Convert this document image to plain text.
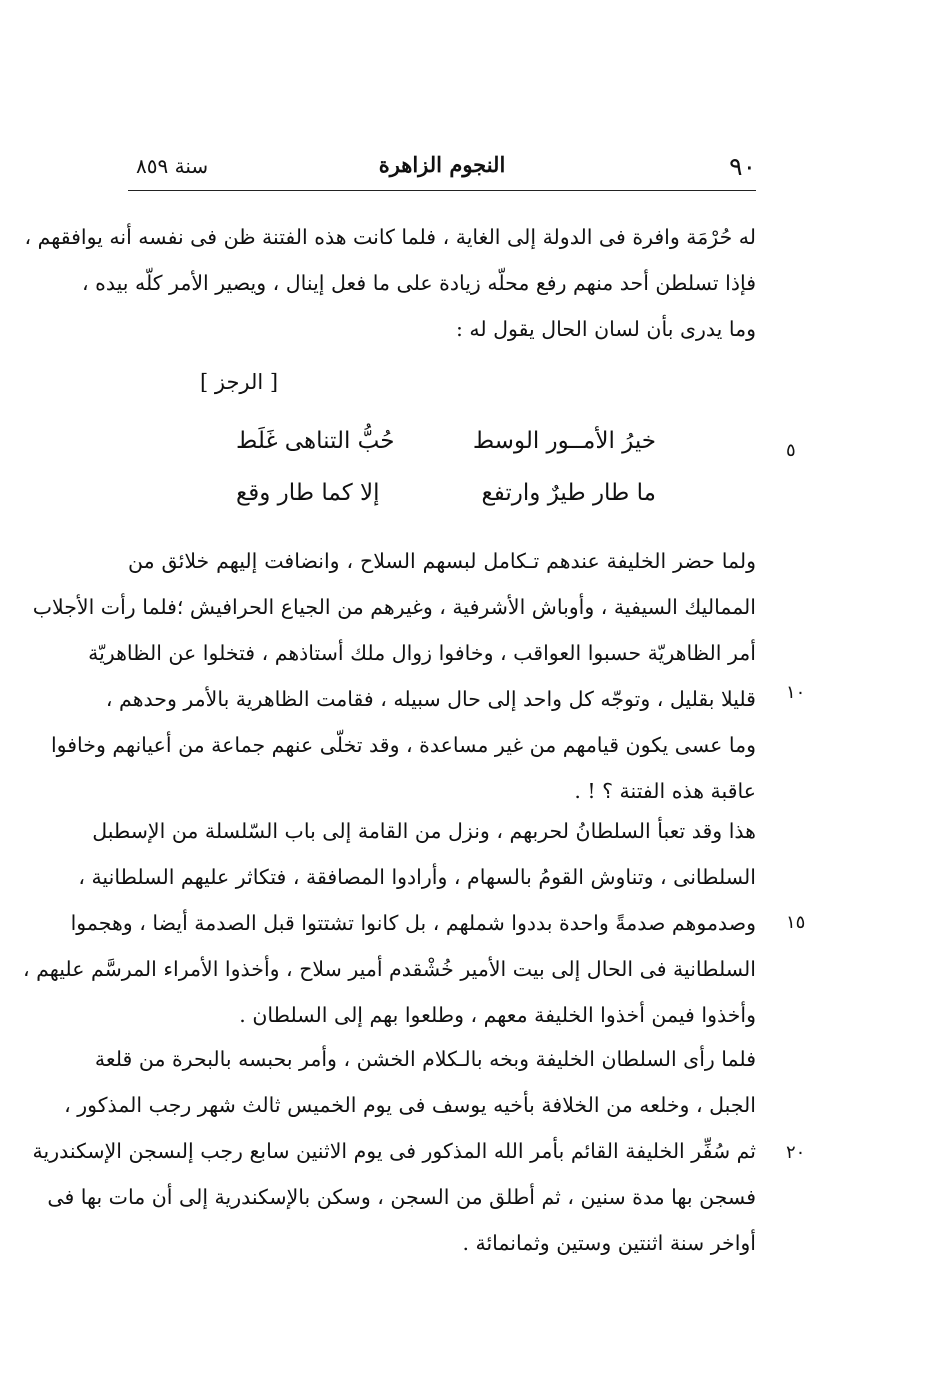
٩٠
النجوم الزاهرة
سنة ٨٥٩
له حُرْمَة وافرة فى الدولة إلى الغاية ، فلما كانت هذه الفتنة ظن فى نفسه أنه يوافقهم ،
فإذا تسلطن أحد منهم رفع محلّه زيادة على ما فعل إينال ، ويصير الأمر كلّه بيده ،
وما يدرى بأن لسان الحال يقول له :
[ الرجز ]
خيرُ الأمــور الوسط
حُبُّ التناهى غَلَط
ما طار طيرٌ وارتفع
إلا كما طار وقع
ولما حضر الخليفة عندهم تـكامل لبسهم السلاح ، وانضافت إليهم خلائق من
المماليك السيفية ، وأوباش الأشرفية ، وغيرهم من الجياع الحرافيش ؛فلما رأت الأجلاب
أمر الظاهريّة حسبوا العواقب ، وخافوا زوال ملك أستاذهم ، فتخلوا عن الظاهريّة
قليلا بقليل ، وتوجّه كل واحد إلى حال سبيله ، فقامت الظاهرية بالأمر وحدهم ،
وما عسى يكون قيامهم من غير مساعدة ، وقد تخلّى عنهم جماعة من أعيانهم وخافوا
عاقبة هذه الفتنة ؟ ! .
هذا وقد تعبأ السلطانُ لحربهم ، ونزل من القامة إلى باب السّلسلة من الإسطبل
السلطانى ، وتناوش القومُ بالسهام ، وأرادوا المصافقة ، فتكاثر عليهم السلطانية ،
وصدموهم صدمةً واحدة بددوا شملهم ، بل كانوا تشتتوا قبل الصدمة أيضا ، وهجموا
السلطانية فى الحال إلى بيت الأمير خُشْقدم أمير سلاح ، وأخذوا الأمراء المرسَّم عليهم ،
وأخذوا فيمن أخذوا الخليفة معهم ، وطلعوا بهم إلى السلطان .
فلما رأى السلطان الخليفة وبخه بالـكلام الخشن ، وأمر بحبسه بالبحرة من قلعة
الجبل ، وخلعه من الخلافة بأخيه يوسف فى يوم الخميس ثالث شهر رجب المذكور ،
ثم سُفِّر الخليفة القائم بأمر الله المذكور فى يوم الاثنين سابع رجب إلىسجن الإسكندرية
فسجن بها مدة سنين ، ثم أطلق من السجن ، وسكن بالإسكندرية إلى أن مات بها فى
أواخر سنة اثنتين وستين وثمانمائة .
٥
١٠
١٥
٢٠
